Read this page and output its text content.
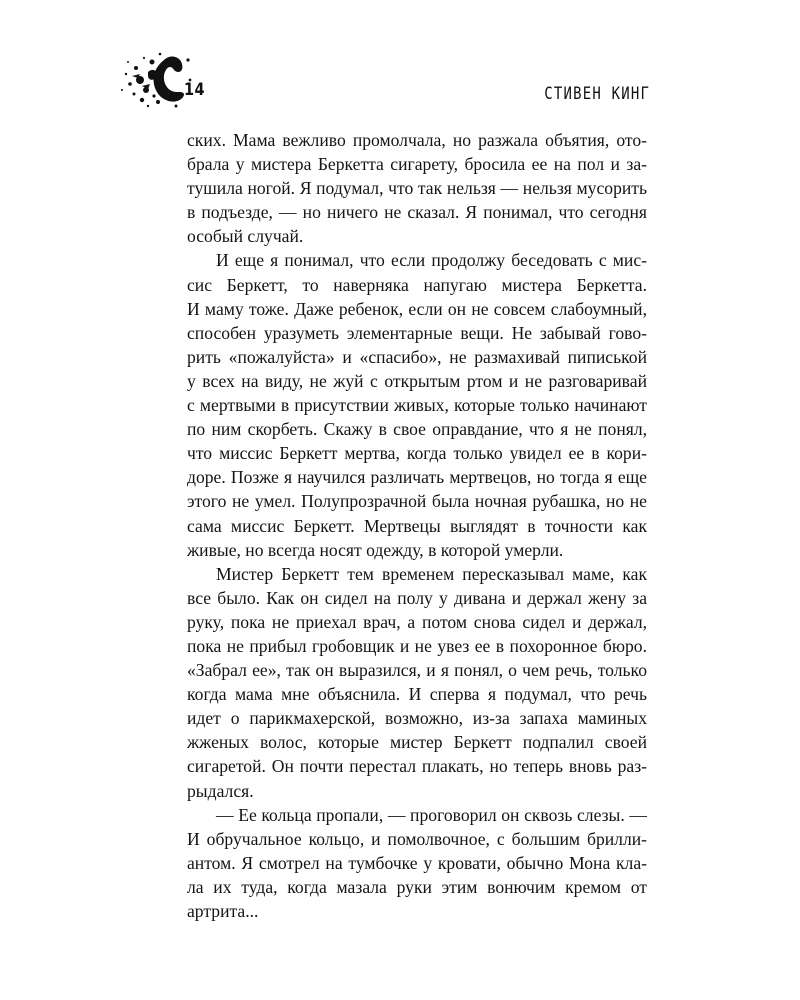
14	СТИВЕН КИНГ
ских. Мама вежливо промолчала, но разжала объятия, ото-
брала у мистера Беркетта сигарету, бросила ее на пол и за-
тушила ногой. Я подумал, что так нельзя — нельзя мусорить
в подъезде, — но ничего не сказал. Я понимал, что сегодня
особый случай.
И еще я понимал, что если продолжу беседовать с мис-
сис Беркетт, то наверняка напугаю мистера Беркетта.
И маму тоже. Даже ребенок, если он не совсем слабоумный,
способен уразуметь элементарные вещи. Не забывай гово-
рить «пожалуйста» и «спасибо», не размахивай пиписькой
у всех на виду, не жуй с открытым ртом и не разговаривай
с мертвыми в присутствии живых, которые только начинают
по ним скорбеть. Скажу в свое оправдание, что я не понял,
что миссис Беркетт мертва, когда только увидел ее в кори-
доре. Позже я научился различать мертвецов, но тогда я еще
этого не умел. Полупрозрачной была ночная рубашка, но не
сама миссис Беркетт. Мертвецы выглядят в точности как
живые, но всегда носят одежду, в которой умерли.
Мистер Беркетт тем временем пересказывал маме, как
все было. Как он сидел на полу у дивана и держал жену за
руку, пока не приехал врач, а потом снова сидел и держал,
пока не прибыл гробовщик и не увез ее в похоронное бюро.
«Забрал ее», так он выразился, и я понял, о чем речь, только
когда мама мне объяснила. И сперва я подумал, что речь
идет о парикмахерской, возможно, из-за запаха маминых
жженых волос, которые мистер Беркетт подпалил своей
сигаретой. Он почти перестал плакать, но теперь вновь раз-
рыдался.
— Ее кольца пропали, — проговорил он сквозь слезы. —
И обручальное кольцо, и помолвочное, с большим брилли-
антом. Я смотрел на тумбочке у кровати, обычно Мона кла-
ла их туда, когда мазала руки этим вонючим кремом от
артрита...
